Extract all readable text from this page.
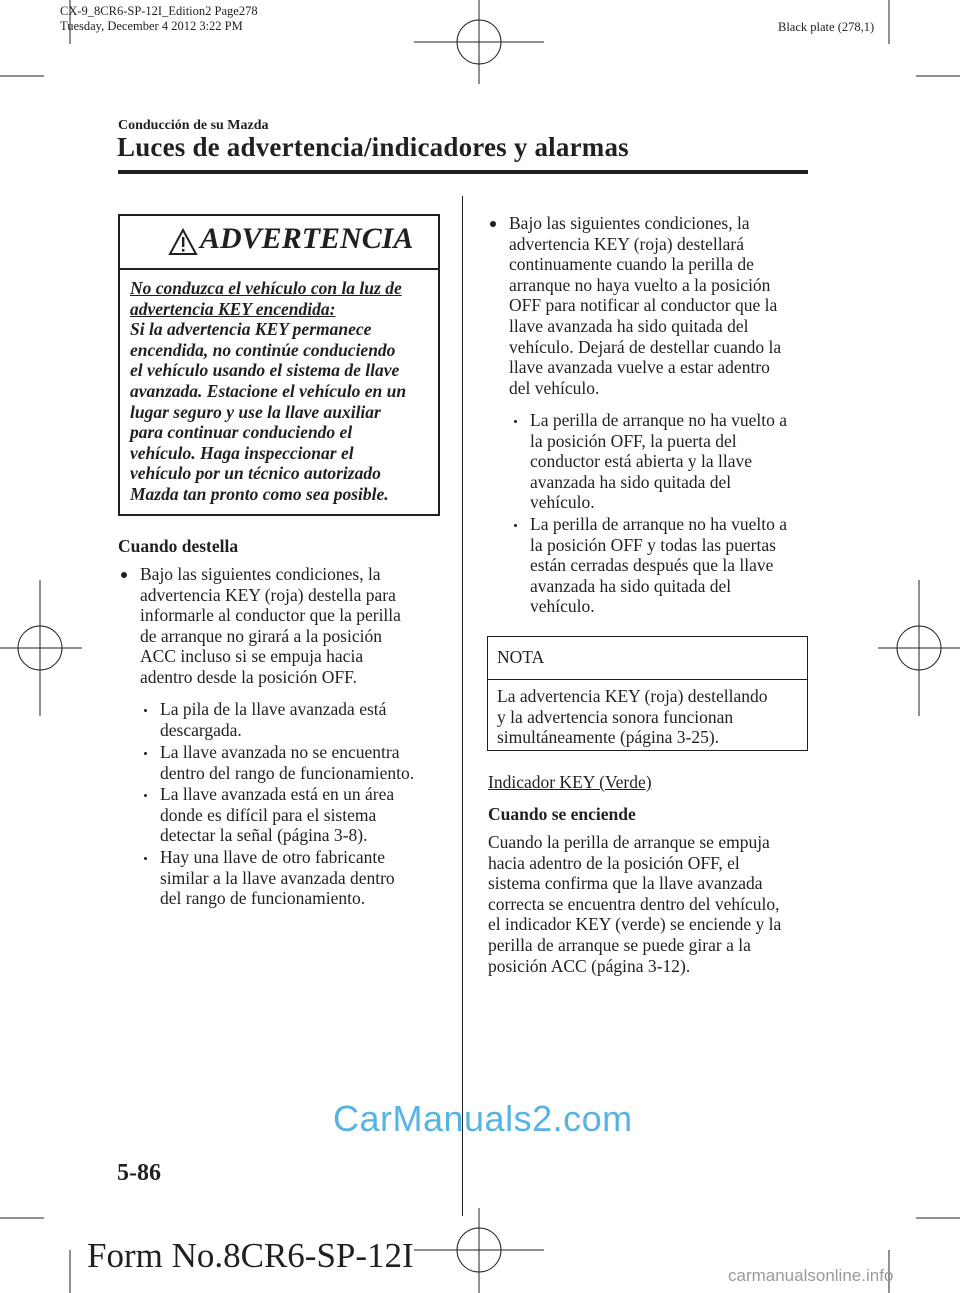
CX-9_8CR6-SP-12I_Edition2 Page278
Tuesday, December 4 2012 3:22 PM	Black plate (278,1)
Conducción de su Mazda
Luces de advertencia/indicadores y alarmas
ADVERTENCIA
No conduzca el vehículo con la luz de
advertencia KEY encendida:
Si la advertencia KEY permanece
encendida, no continúe conduciendo
el vehículo usando el sistema de llave
avanzada. Estacione el vehículo en un
lugar seguro y use la llave auxiliar
para continuar conduciendo el
vehículo. Haga inspeccionar el
vehículo por un técnico autorizado
Mazda tan pronto como sea posible.
Cuando destella
Bajo las siguientes condiciones, la
advertencia KEY (roja) destella para
informarle al conductor que la perilla
de arranque no girará a la posición
ACC incluso si se empuja hacia
adentro desde la posición OFF.
La pila de la llave avanzada está
descargada.
La llave avanzada no se encuentra
dentro del rango de funcionamiento.
La llave avanzada está en un área
donde es difícil para el sistema
detectar la señal (página 3-8).
Hay una llave de otro fabricante
similar a la llave avanzada dentro
del rango de funcionamiento.
Bajo las siguientes condiciones, la
advertencia KEY (roja) destellará
continuamente cuando la perilla de
arranque no haya vuelto a la posición
OFF para notificar al conductor que la
llave avanzada ha sido quitada del
vehículo. Dejará de destellar cuando la
llave avanzada vuelve a estar adentro
del vehículo.
La perilla de arranque no ha vuelto a
la posición OFF, la puerta del
conductor está abierta y la llave
avanzada ha sido quitada del
vehículo.
La perilla de arranque no ha vuelto a
la posición OFF y todas las puertas
están cerradas después que la llave
avanzada ha sido quitada del
vehículo.
NOTA
La advertencia KEY (roja) destellando
y la advertencia sonora funcionan
simultáneamente (página 3-25).
Indicador KEY (Verde)
Cuando se enciende
Cuando la perilla de arranque se empuja
hacia adentro de la posición OFF, el
sistema confirma que la llave avanzada
correcta se encuentra dentro del vehículo,
el indicador KEY (verde) se enciende y la
perilla de arranque se puede girar a la
posición ACC (página 3-12).
CarManuals2.com
5-86
Form No.8CR6-SP-12I
carmanualsonline.info
